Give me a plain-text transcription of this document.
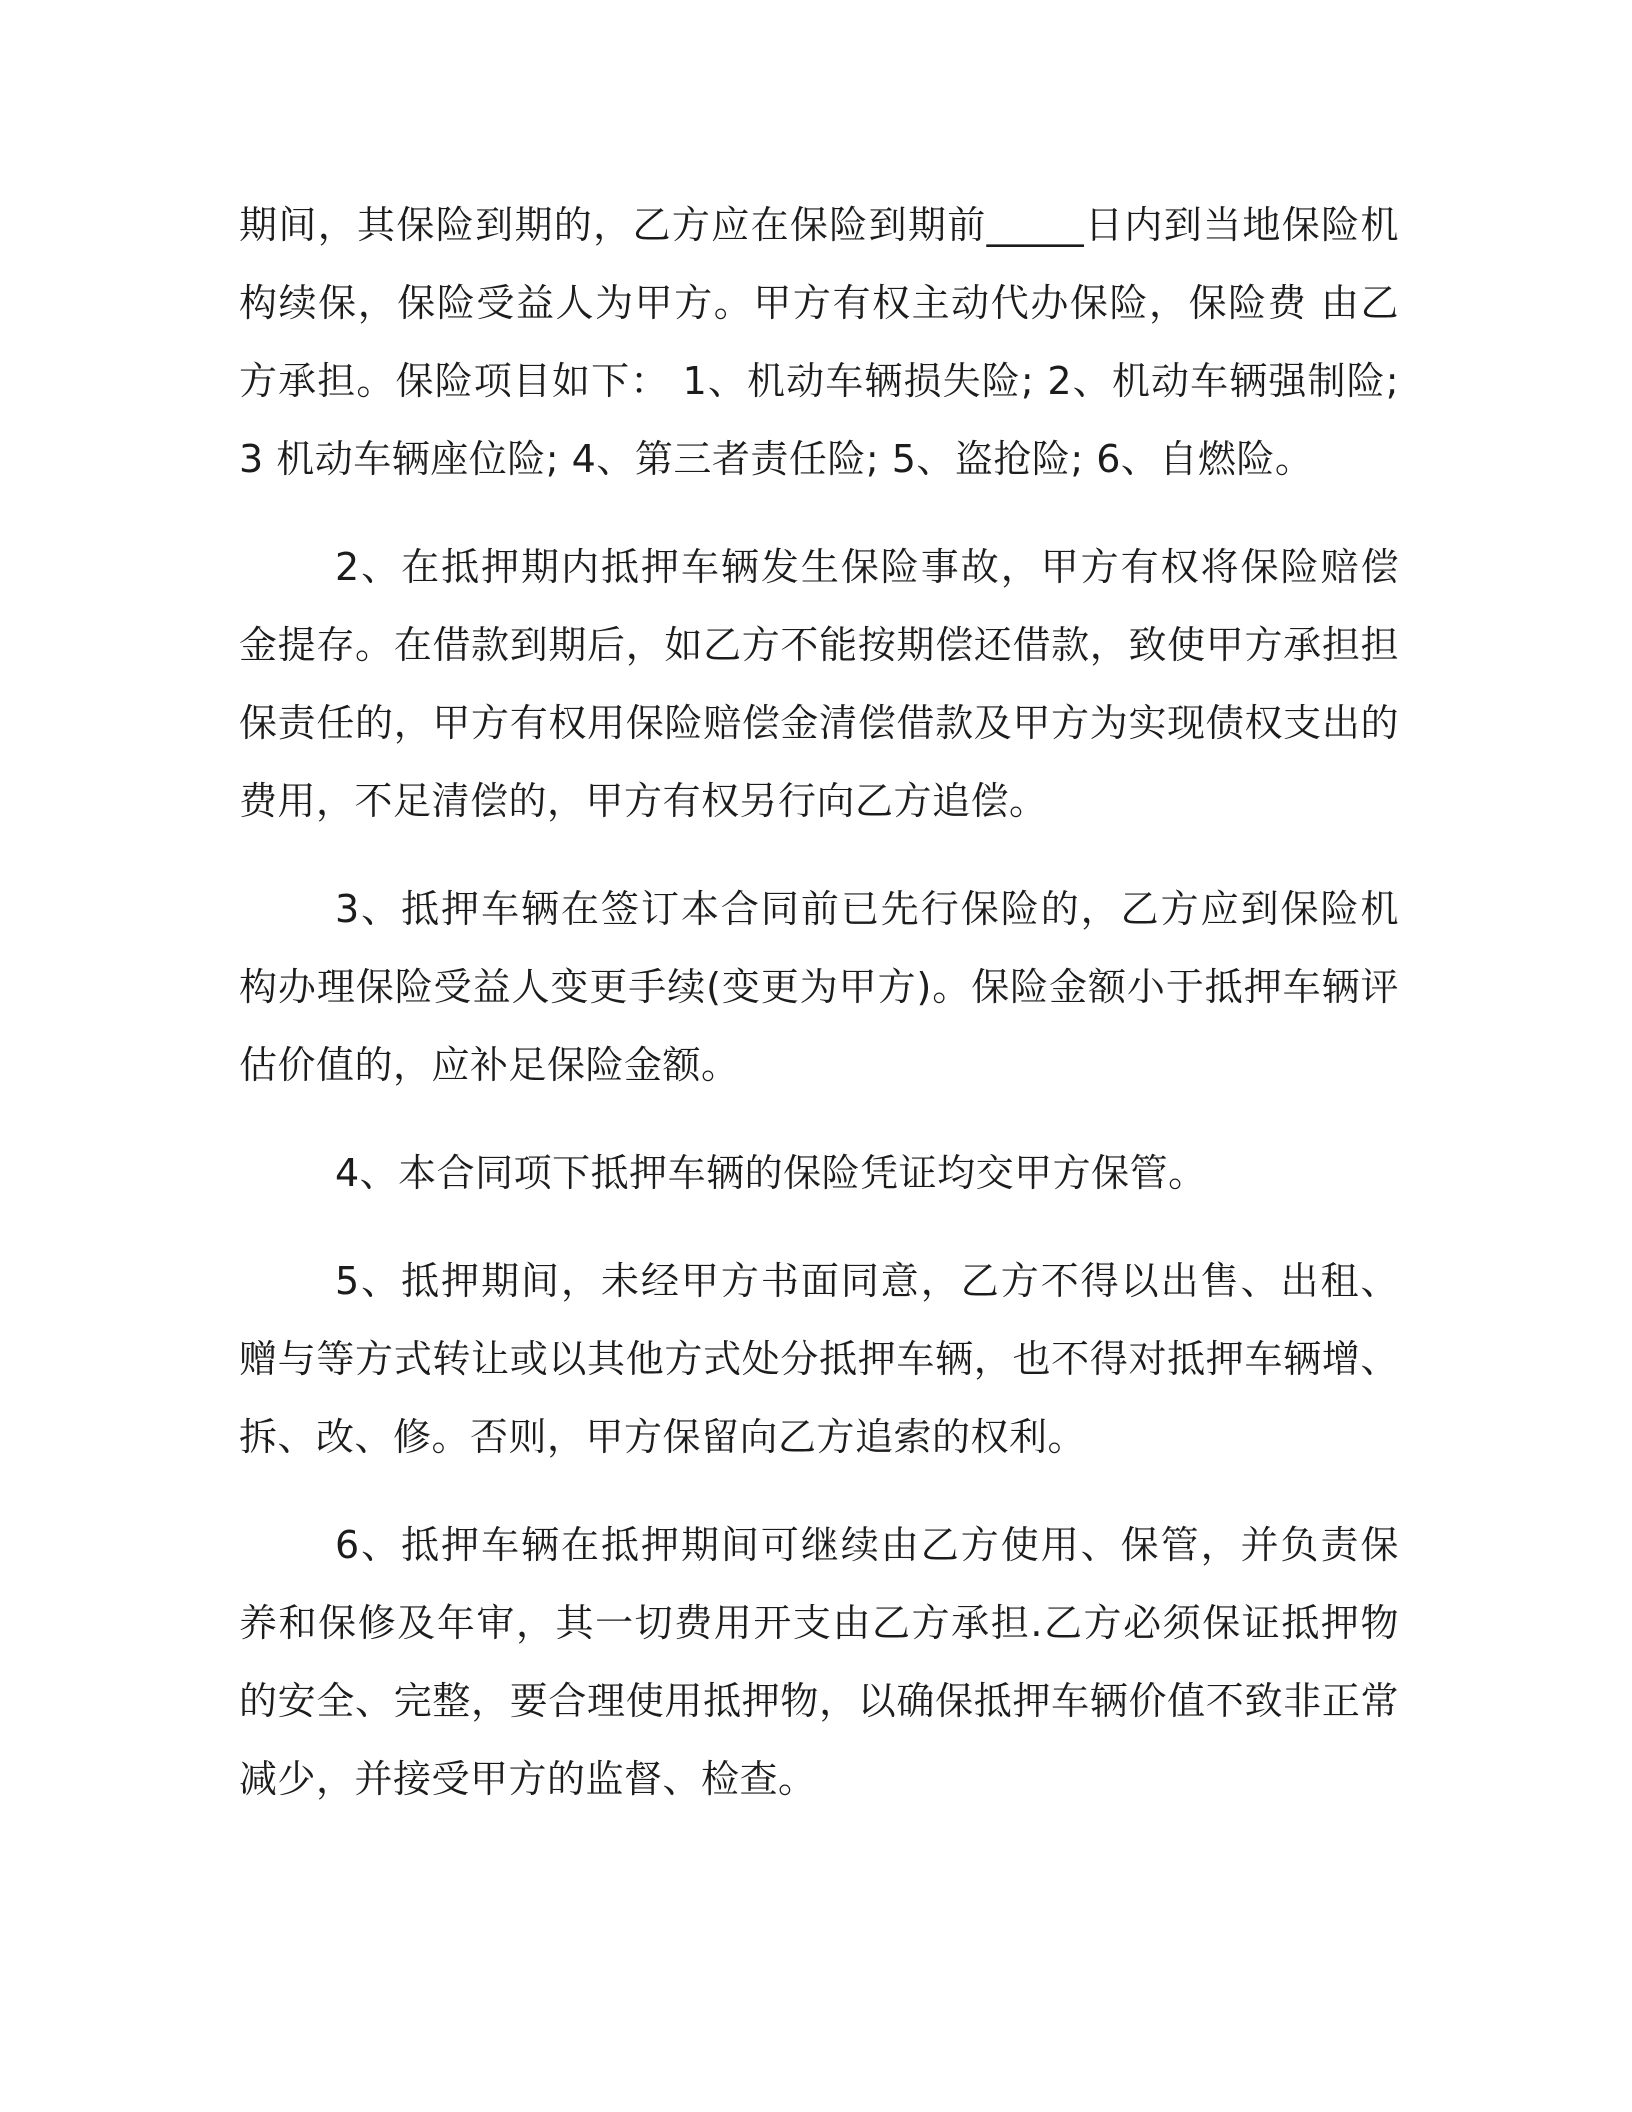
期间，其保险到期的，乙方应在保险到期前_____日内到当地保险机构续保，保险受益人为甲方。甲方有权主动代办保险，保险费 由乙方承担。保险项目如下： 1、机动车辆损失险; 2、机动车辆强制险; 3 机动车辆座位险; 4、第三者责任险; 5、盗抢险; 6、自燃险。

2、在抵押期内抵押车辆发生保险事故，甲方有权将保险赔偿金提存。在借款到期后，如乙方不能按期偿还借款，致使甲方承担担保责任的，甲方有权用保险赔偿金清偿借款及甲方为实现债权支出的费用，不足清偿的，甲方有权另行向乙方追偿。

3、抵押车辆在签订本合同前已先行保险的，乙方应到保险机构办理保险受益人变更手续(变更为甲方)。保险金额小于抵押车辆评估价值的，应补足保险金额。

4、本合同项下抵押车辆的保险凭证均交甲方保管。

5、抵押期间，未经甲方书面同意，乙方不得以出售、出租、赠与等方式转让或以其他方式处分抵押车辆，也不得对抵押车辆增、拆、改、修。否则，甲方保留向乙方追索的权利。

6、抵押车辆在抵押期间可继续由乙方使用、保管，并负责保养和保修及年审，其一切费用开支由乙方承担.乙方必须保证抵押物的安全、完整，要合理使用抵押物，以确保抵押车辆价值不致非正常减少，并接受甲方的监督、检查。
